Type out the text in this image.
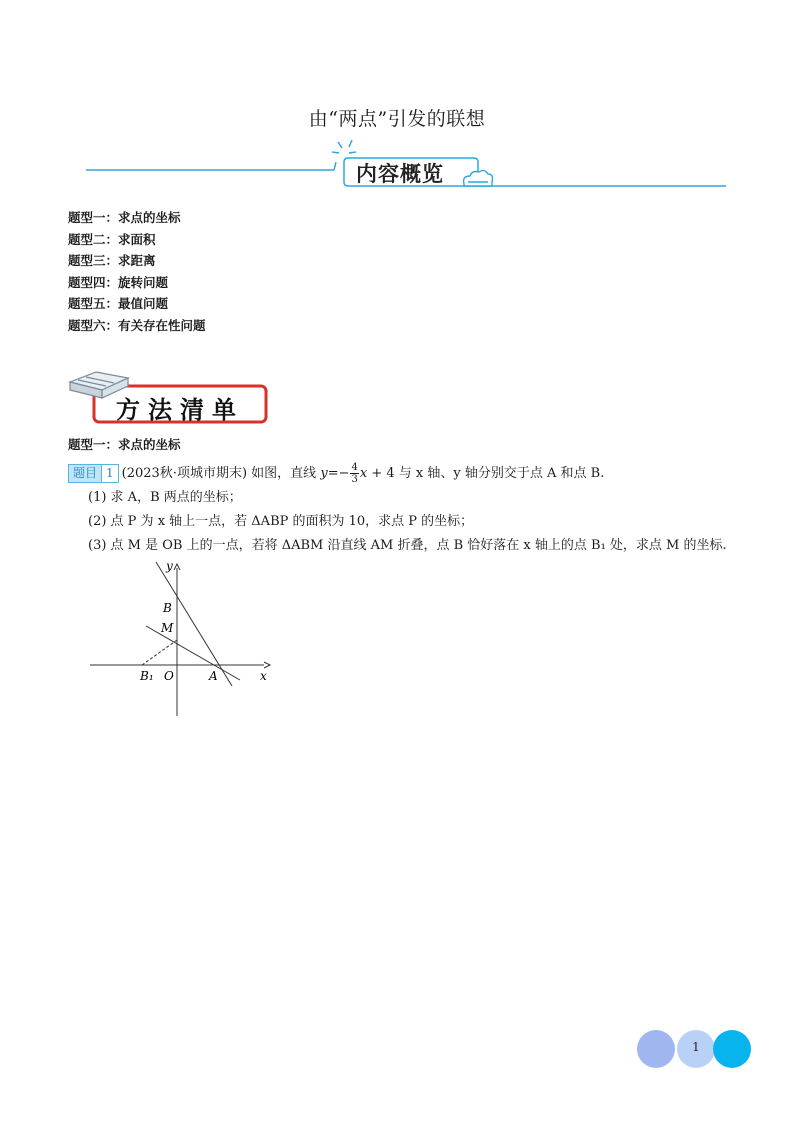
由“两点”引发的联想
内容概览
题型一：求点的坐标
题型二：求面积
题型三：求距离
题型四：旋转问题
题型五：最值问题
题型六：有关存在性问题
方法清单
题型一：求点的坐标
题目 1 (2023秋·项城市期末) 如图，直线 $y=- \frac{4}{3}$ x + 4 与 x 轴、y 轴分别交于点 A 和点 B.
(1) 求 A，B 两点的坐标；
(2) 点 P 为 x 轴上一点，若 ΔABP 的面积为 10，求点 P 的坐标；
(3) 点 M 是 OB 上的一点，若将 ΔABM 沿直线 AM 折叠，点 B 恰好落在 x 轴上的点 B₁ 处，求点 M 的坐标.
y
x
B
M
O	A
B₁
1
